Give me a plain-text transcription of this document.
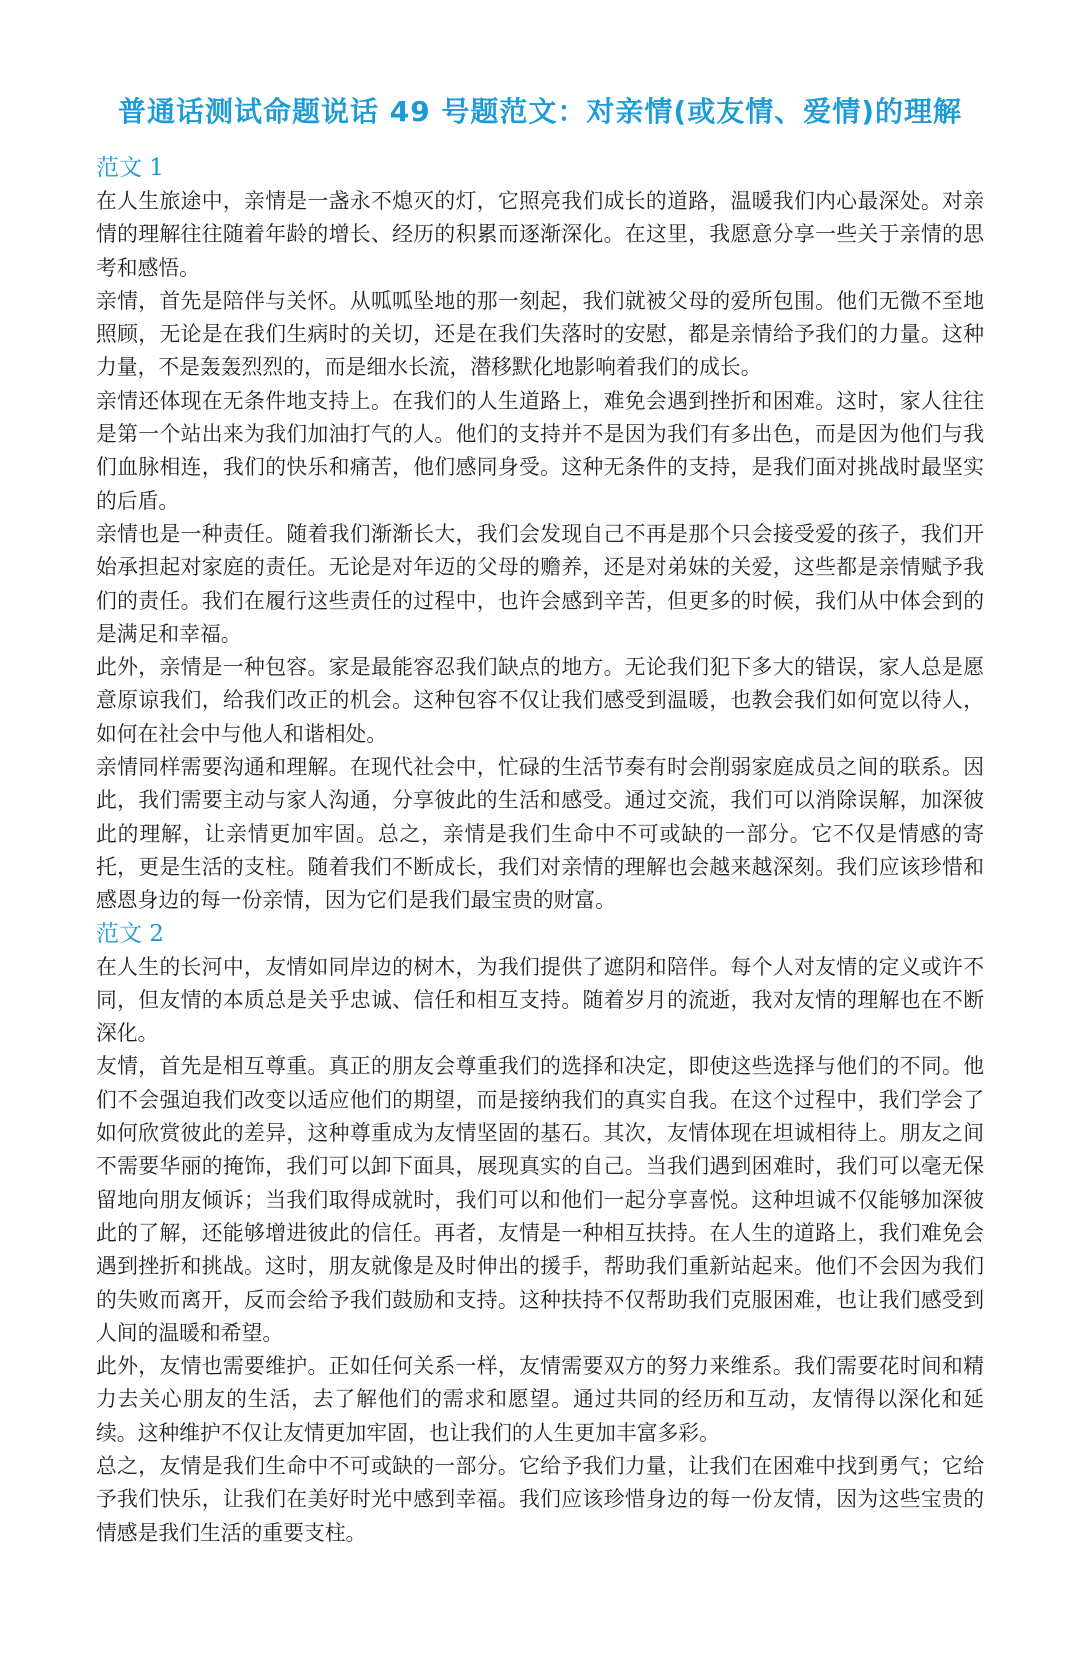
普通话测试命题说话 49 号题范文：对亲情(或友情、爱情)的理解
范文 1

在人生旅途中，亲情是一盏永不熄灭的灯，它照亮我们成长的道路，温暖我们内心最深处。对亲情的理解往往随着年龄的增长、经历的积累而逐渐深化。在这里，我愿意分享一些关于亲情的思考和感悟。

亲情，首先是陪伴与关怀。从呱呱坠地的那一刻起，我们就被父母的爱所包围。他们无微不至地照顾，无论是在我们生病时的关切，还是在我们失落时的安慰，都是亲情给予我们的力量。这种力量，不是轰轰烈烈的，而是细水长流，潜移默化地影响着我们的成长。

亲情还体现在无条件地支持上。在我们的人生道路上，难免会遇到挫折和困难。这时，家人往往是第一个站出来为我们加油打气的人。他们的支持并不是因为我们有多出色，而是因为他们与我们血脉相连，我们的快乐和痛苦，他们感同身受。这种无条件的支持，是我们面对挑战时最坚实的后盾。

亲情也是一种责任。随着我们渐渐长大，我们会发现自己不再是那个只会接受爱的孩子，我们开始承担起对家庭的责任。无论是对年迈的父母的赡养，还是对弟妹的关爱，这些都是亲情赋予我们的责任。我们在履行这些责任的过程中，也许会感到辛苦，但更多的时候，我们从中体会到的是满足和幸福。

此外，亲情是一种包容。家是最能容忍我们缺点的地方。无论我们犯下多大的错误，家人总是愿意原谅我们，给我们改正的机会。这种包容不仅让我们感受到温暖，也教会我们如何宽以待人，如何在社会中与他人和谐相处。

亲情同样需要沟通和理解。在现代社会中，忙碌的生活节奏有时会削弱家庭成员之间的联系。因此，我们需要主动与家人沟通，分享彼此的生活和感受。通过交流，我们可以消除误解，加深彼此的理解，让亲情更加牢固。总之，亲情是我们生命中不可或缺的一部分。它不仅是情感的寄托，更是生活的支柱。随着我们不断成长，我们对亲情的理解也会越来越深刻。我们应该珍惜和感恩身边的每一份亲情，因为它们是我们最宝贵的财富。

范文 2

在人生的长河中，友情如同岸边的树木，为我们提供了遮阴和陪伴。每个人对友情的定义或许不同，但友情的本质总是关乎忠诚、信任和相互支持。随着岁月的流逝，我对友情的理解也在不断深化。

友情，首先是相互尊重。真正的朋友会尊重我们的选择和决定，即使这些选择与他们的不同。他们不会强迫我们改变以适应他们的期望，而是接纳我们的真实自我。在这个过程中，我们学会了如何欣赏彼此的差异，这种尊重成为友情坚固的基石。其次，友情体现在坦诚相待上。朋友之间不需要华丽的掩饰，我们可以卸下面具，展现真实的自己。当我们遇到困难时，我们可以毫无保留地向朋友倾诉；当我们取得成就时，我们可以和他们一起分享喜悦。这种坦诚不仅能够加深彼此的了解，还能够增进彼此的信任。再者，友情是一种相互扶持。在人生的道路上，我们难免会遇到挫折和挑战。这时，朋友就像是及时伸出的援手，帮助我们重新站起来。他们不会因为我们的失败而离开，反而会给予我们鼓励和支持。这种扶持不仅帮助我们克服困难，也让我们感受到人间的温暖和希望。

此外，友情也需要维护。正如任何关系一样，友情需要双方的努力来维系。我们需要花时间和精力去关心朋友的生活，去了解他们的需求和愿望。通过共同的经历和互动，友情得以深化和延续。这种维护不仅让友情更加牢固，也让我们的人生更加丰富多彩。

总之，友情是我们生命中不可或缺的一部分。它给予我们力量，让我们在困难中找到勇气；它给予我们快乐，让我们在美好时光中感到幸福。我们应该珍惜身边的每一份友情，因为这些宝贵的情感是我们生活的重要支柱。
